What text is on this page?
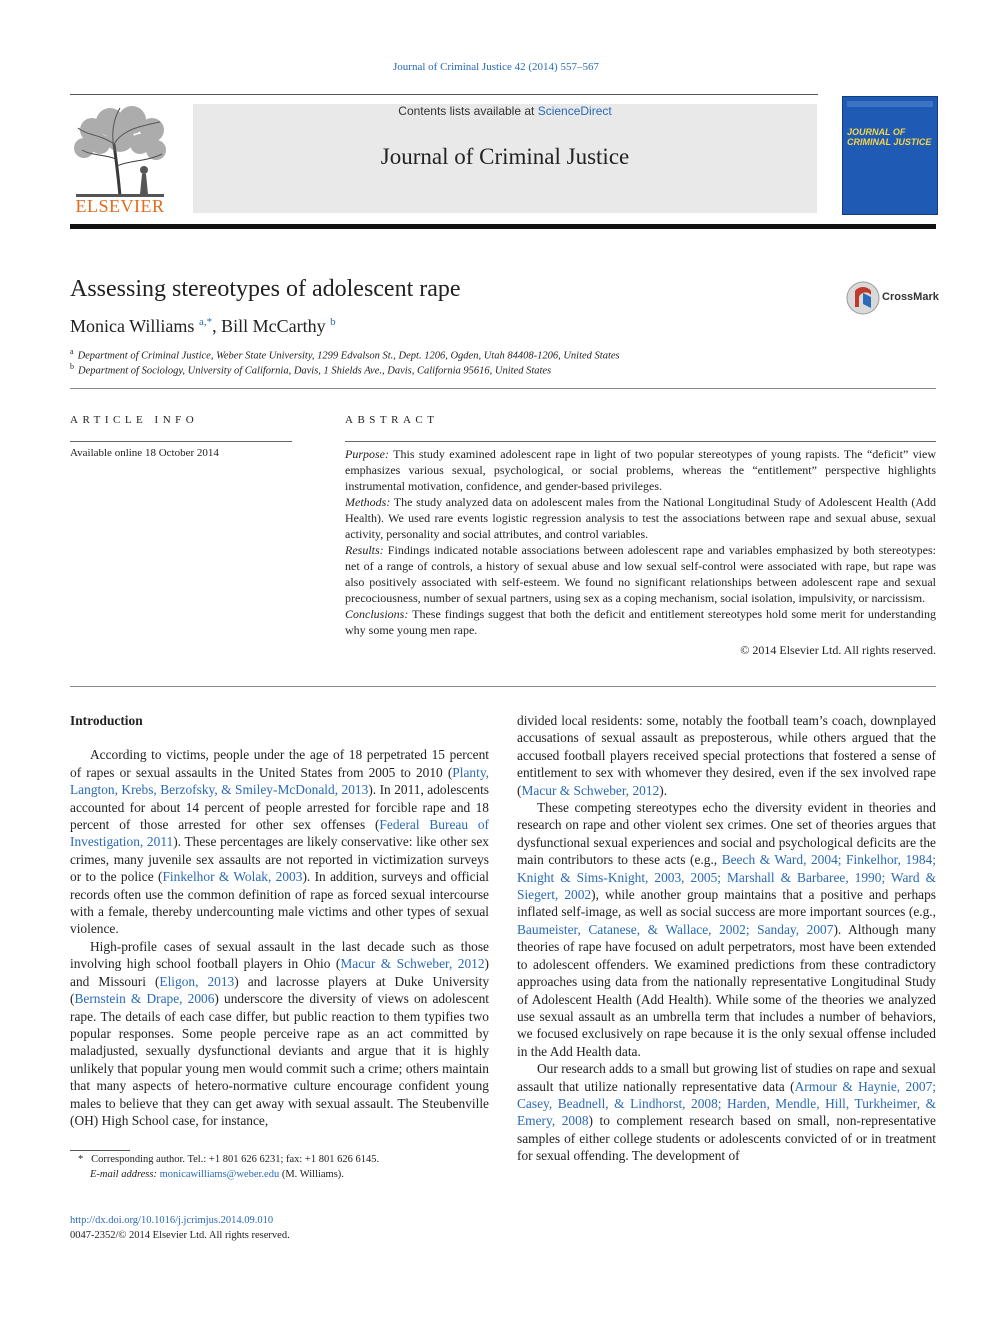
Journal of Criminal Justice 42 (2014) 557–567
ELSEVIER
Contents lists available at ScienceDirect
Journal of Criminal Justice
JOURNAL OF CRIMINAL JUSTICE
Assessing stereotypes of adolescent rape	CrossMark
Monica Williams $^{a,*}$, Bill McCarthy $^b$
$^a$ Department of Criminal Justice, Weber State University, 1299 Edvalson St., Dept. 1206, Ogden, Utah 84408-1206, United States
$^b$ Department of Sociology, University of California, Davis, 1 Shields Ave., Davis, California 95616, United States
ARTICLE INFO	ABSTRACT
Available online 18 October 2014	Purpose: This study examined adolescent rape in light of two popular stereotypes of young rapists. The “deficit” view emphasizes various sexual, psychological, or social problems, whereas the “entitlement” perspective highlights instrumental motivation, confidence, and gender-based privileges.

Methods: The study analyzed data on adolescent males from the National Longitudinal Study of Adolescent Health (Add Health). We used rare events logistic regression analysis to test the associations between rape and sexual abuse, sexual activity, personality and social attributes, and control variables.

Results: Findings indicated notable associations between adolescent rape and variables emphasized by both stereotypes: net of a range of controls, a history of sexual abuse and low sexual self-control were associated with rape, but rape was also positively associated with self-esteem. We found no significant relationships between adolescent rape and sexual precociousness, number of sexual partners, using sex as a coping mechanism, social isolation, impulsivity, or narcissism.

Conclusions: These findings suggest that both the deficit and entitlement stereotypes hold some merit for understanding why some young men rape.

© 2014 Elsevier Ltd. All rights reserved.
Introduction

According to victims, people under the age of 18 perpetrated 15 percent of rapes or sexual assaults in the United States from 2005 to 2010 (Planty, Langton, Krebs, Berzofsky, & Smiley-McDonald, 2013). In 2011, adolescents accounted for about 14 percent of people arrested for forcible rape and 18 percent of those arrested for other sex offenses (Federal Bureau of Investigation, 2011). These percentages are likely conservative: like other sex crimes, many juvenile sex assaults are not reported in victimization surveys or to the police (Finkelhor & Wolak, 2003). In addition, surveys and official records often use the common definition of rape as forced sexual intercourse with a female, thereby undercounting male victims and other types of sexual violence.

High-profile cases of sexual assault in the last decade such as those involving high school football players in Ohio (Macur & Schweber, 2012) and Missouri (Eligon, 2013) and lacrosse players at Duke University (Bernstein & Drape, 2006) underscore the diversity of views on adolescent rape. The details of each case differ, but public reaction to them typifies two popular responses. Some people perceive rape as an act committed by maladjusted, sexually dysfunctional deviants and argue that it is highly unlikely that popular young men would commit such a crime; others maintain that many aspects of hetero-normative culture encourage confident young males to believe that they can get away with sexual assault. The Steubenville (OH) High School case, for instance,

divided local residents: some, notably the football team’s coach, downplayed accusations of sexual assault as preposterous, while others argued that the accused football players received special protections that fostered a sense of entitlement to sex with whomever they desired, even if the sex involved rape (Macur & Schweber, 2012).

These competing stereotypes echo the diversity evident in theories and research on rape and other violent sex crimes. One set of theories argues that dysfunctional sexual experiences and social and psychological deficits are the main contributors to these acts (e.g., Beech & Ward, 2004; Finkelhor, 1984; Knight & Sims-Knight, 2003, 2005; Marshall & Barbaree, 1990; Ward & Siegert, 2002), while another group maintains that a positive and perhaps inflated self-image, as well as social success are more important sources (e.g., Baumeister, Catanese, & Wallace, 2002; Sanday, 2007). Although many theories of rape have focused on adult perpetrators, most have been extended to adolescent offenders. We examined predictions from these contradictory approaches using data from the nationally representative Longitudinal Study of Adolescent Health (Add Health). While some of the theories we analyzed use sexual assault as an umbrella term that includes a number of behaviors, we focused exclusively on rape because it is the only sexual offense included in the Add Health data.

Our research adds to a small but growing list of studies on rape and sexual assault that utilize nationally representative data (Armour & Haynie, 2007; Casey, Beadnell, & Lindhorst, 2008; Harden, Mendle, Hill, Turkheimer, & Emery, 2008) to complement research based on small, non-representative samples of either college students or adolescents convicted of or in treatment for sexual offending. The development of

* Corresponding author. Tel.: +1 801 626 6231; fax: +1 801 626 6145.
E-mail address: monicawilliams@weber.edu (M. Williams).
http://dx.doi.org/10.1016/j.jcrimjus.2014.09.010
0047-2352/© 2014 Elsevier Ltd. All rights reserved.
